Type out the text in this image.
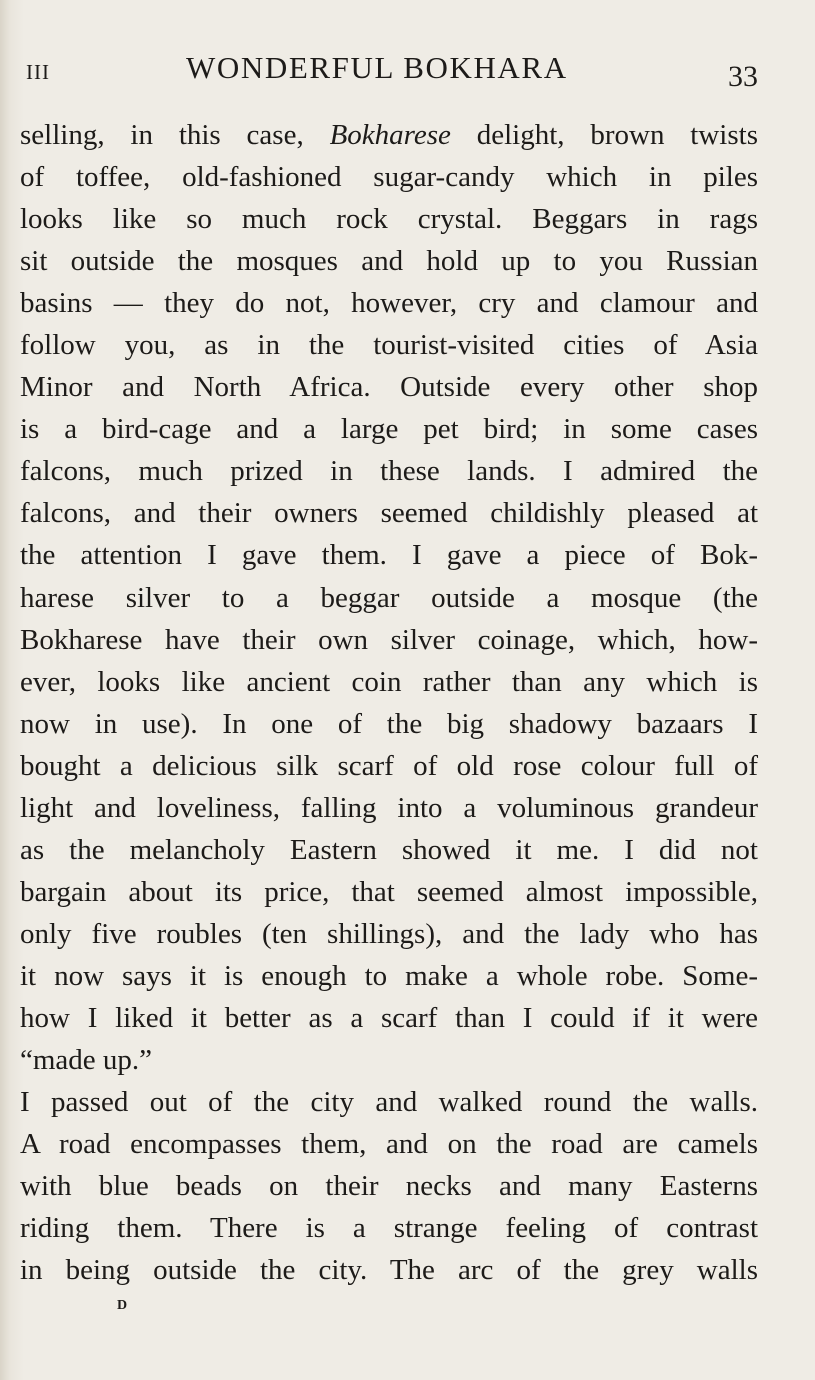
III	WONDERFUL BOKHARA	33
selling, in this case, Bokharese delight, brown twists
of toffee, old-fashioned sugar-candy which in piles
looks like so much rock crystal. Beggars in rags
sit outside the mosques and hold up to you Russian
basins — they do not, however, cry and clamour and
follow you, as in the tourist-visited cities of Asia
Minor and North Africa. Outside every other shop
is a bird-cage and a large pet bird; in some cases
falcons, much prized in these lands. I admired the
falcons, and their owners seemed childishly pleased at
the attention I gave them. I gave a piece of Bok-
harese silver to a beggar outside a mosque (the
Bokharese have their own silver coinage, which, how-
ever, looks like ancient coin rather than any which is
now in use). In one of the big shadowy bazaars I
bought a delicious silk scarf of old rose colour full of
light and loveliness, falling into a voluminous grandeur
as the melancholy Eastern showed it me. I did not
bargain about its price, that seemed almost impossible,
only five roubles (ten shillings), and the lady who has
it now says it is enough to make a whole robe. Some-
how I liked it better as a scarf than I could if it were
“made up.”
I passed out of the city and walked round the walls.
A road encompasses them, and on the road are camels
with blue beads on their necks and many Easterns
riding them. There is a strange feeling of contrast
in being outside the city. The arc of the grey walls
D
